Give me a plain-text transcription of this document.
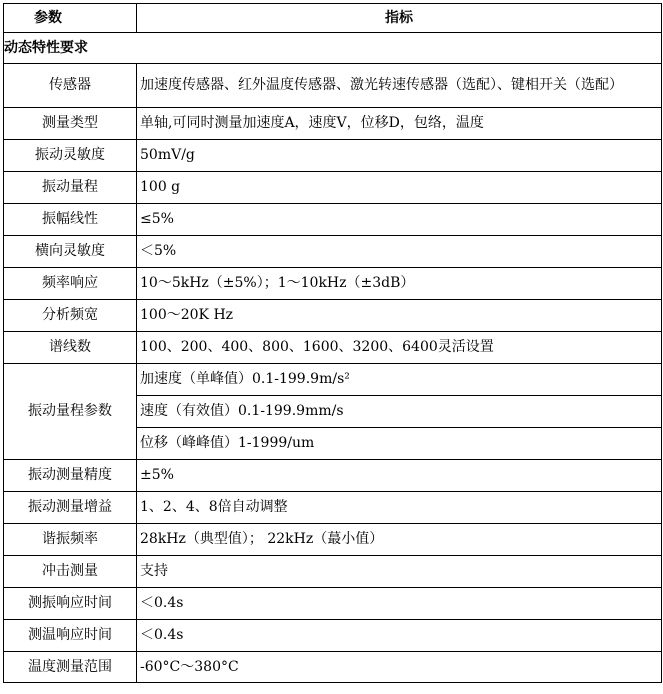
参数	指标
动态特性要求	
传感器	加速度传感器、红外温度传感器、激光转速传感器（选配）、键相开关（选配）
测量类型	单轴,可同时测量加速度A，速度V，位移D，包络，温度
振动灵敏度	50mV/g
振动量程	100 g
振幅线性	≤5%
横向灵敏度	＜5%
频率响应	10～5kHz（±5%）；1～10kHz（±3dB）
分析频宽	100～20K Hz
谱线数	100、200、400、800、1600、3200、6400灵活设置
振动量程参数	加速度（单峰值）0.1-199.9m/s²
	速度（有效值）0.1-199.9mm/s
	位移（峰峰值）1-1999/um
振动测量精度	±5%
振动测量增益	1、2、4、8倍自动调整
谐振频率	28kHz（典型值）； 22kHz（蕞小值）
冲击测量	支持
测振响应时间	＜0.4s
测温响应时间	＜0.4s
温度测量范围	-60°C～380°C
